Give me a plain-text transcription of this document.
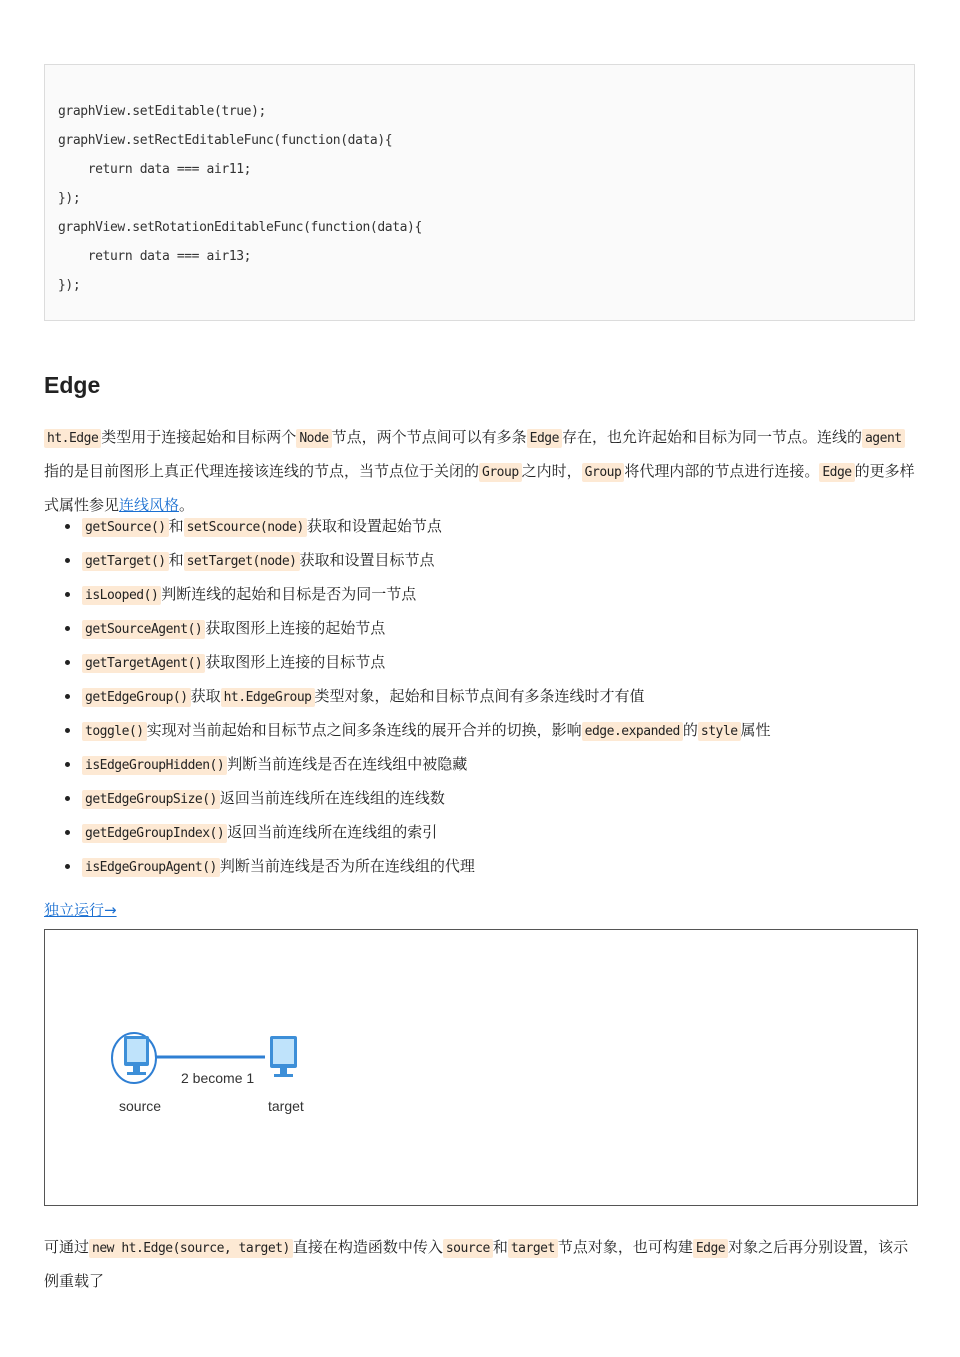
graphView.setEditable(true);
graphView.setRectEditableFunc(function(data){
return data === air11;
});
graphView.setRotationEditableFunc(function(data){
return data === air13;
});
Edge
ht.Edge 类型用于连接起始和目标两个 Node 节点，两个节点间可以有多条 Edge 存在，也允许起始和目标为同一节点。连线的 agent指的是目前图形上真正代理连接该连线的节点，当节点位于关闭的 Group 之内时， Group 将代理内部的节点进行连接。 Edge 的更多样式属性参见连线风格。
getSource() 和 setScource(node) 获取和设置起始节点
getTarget() 和 setTarget(node) 获取和设置目标节点
isLooped() 判断连线的起始和目标是否为同一节点
getSourceAgent() 获取图形上连接的起始节点
getTargetAgent() 获取图形上连接的目标节点
getEdgeGroup() 获取 ht.EdgeGroup 类型对象，起始和目标节点间有多条连线时才有值
toggle() 实现对当前起始和目标节点之间多条连线的展开合并的切换，影响 edge.expanded 的 style 属性
isEdgeGroupHidden() 判断当前连线是否在连线组中被隐藏
getEdgeGroupSize() 返回当前连线所在连线组的连线数
getEdgeGroupIndex() 返回当前连线所在连线组的索引
isEdgeGroupAgent() 判断当前连线是否为所在连线组的代理
独立运行→
2 become 1
source	target
可通过 new ht.Edge(source, target) 直接在构造函数中传入 source 和 target 节点对象，也可构建 Edge 对象之后再分别设置，该示例重载了
